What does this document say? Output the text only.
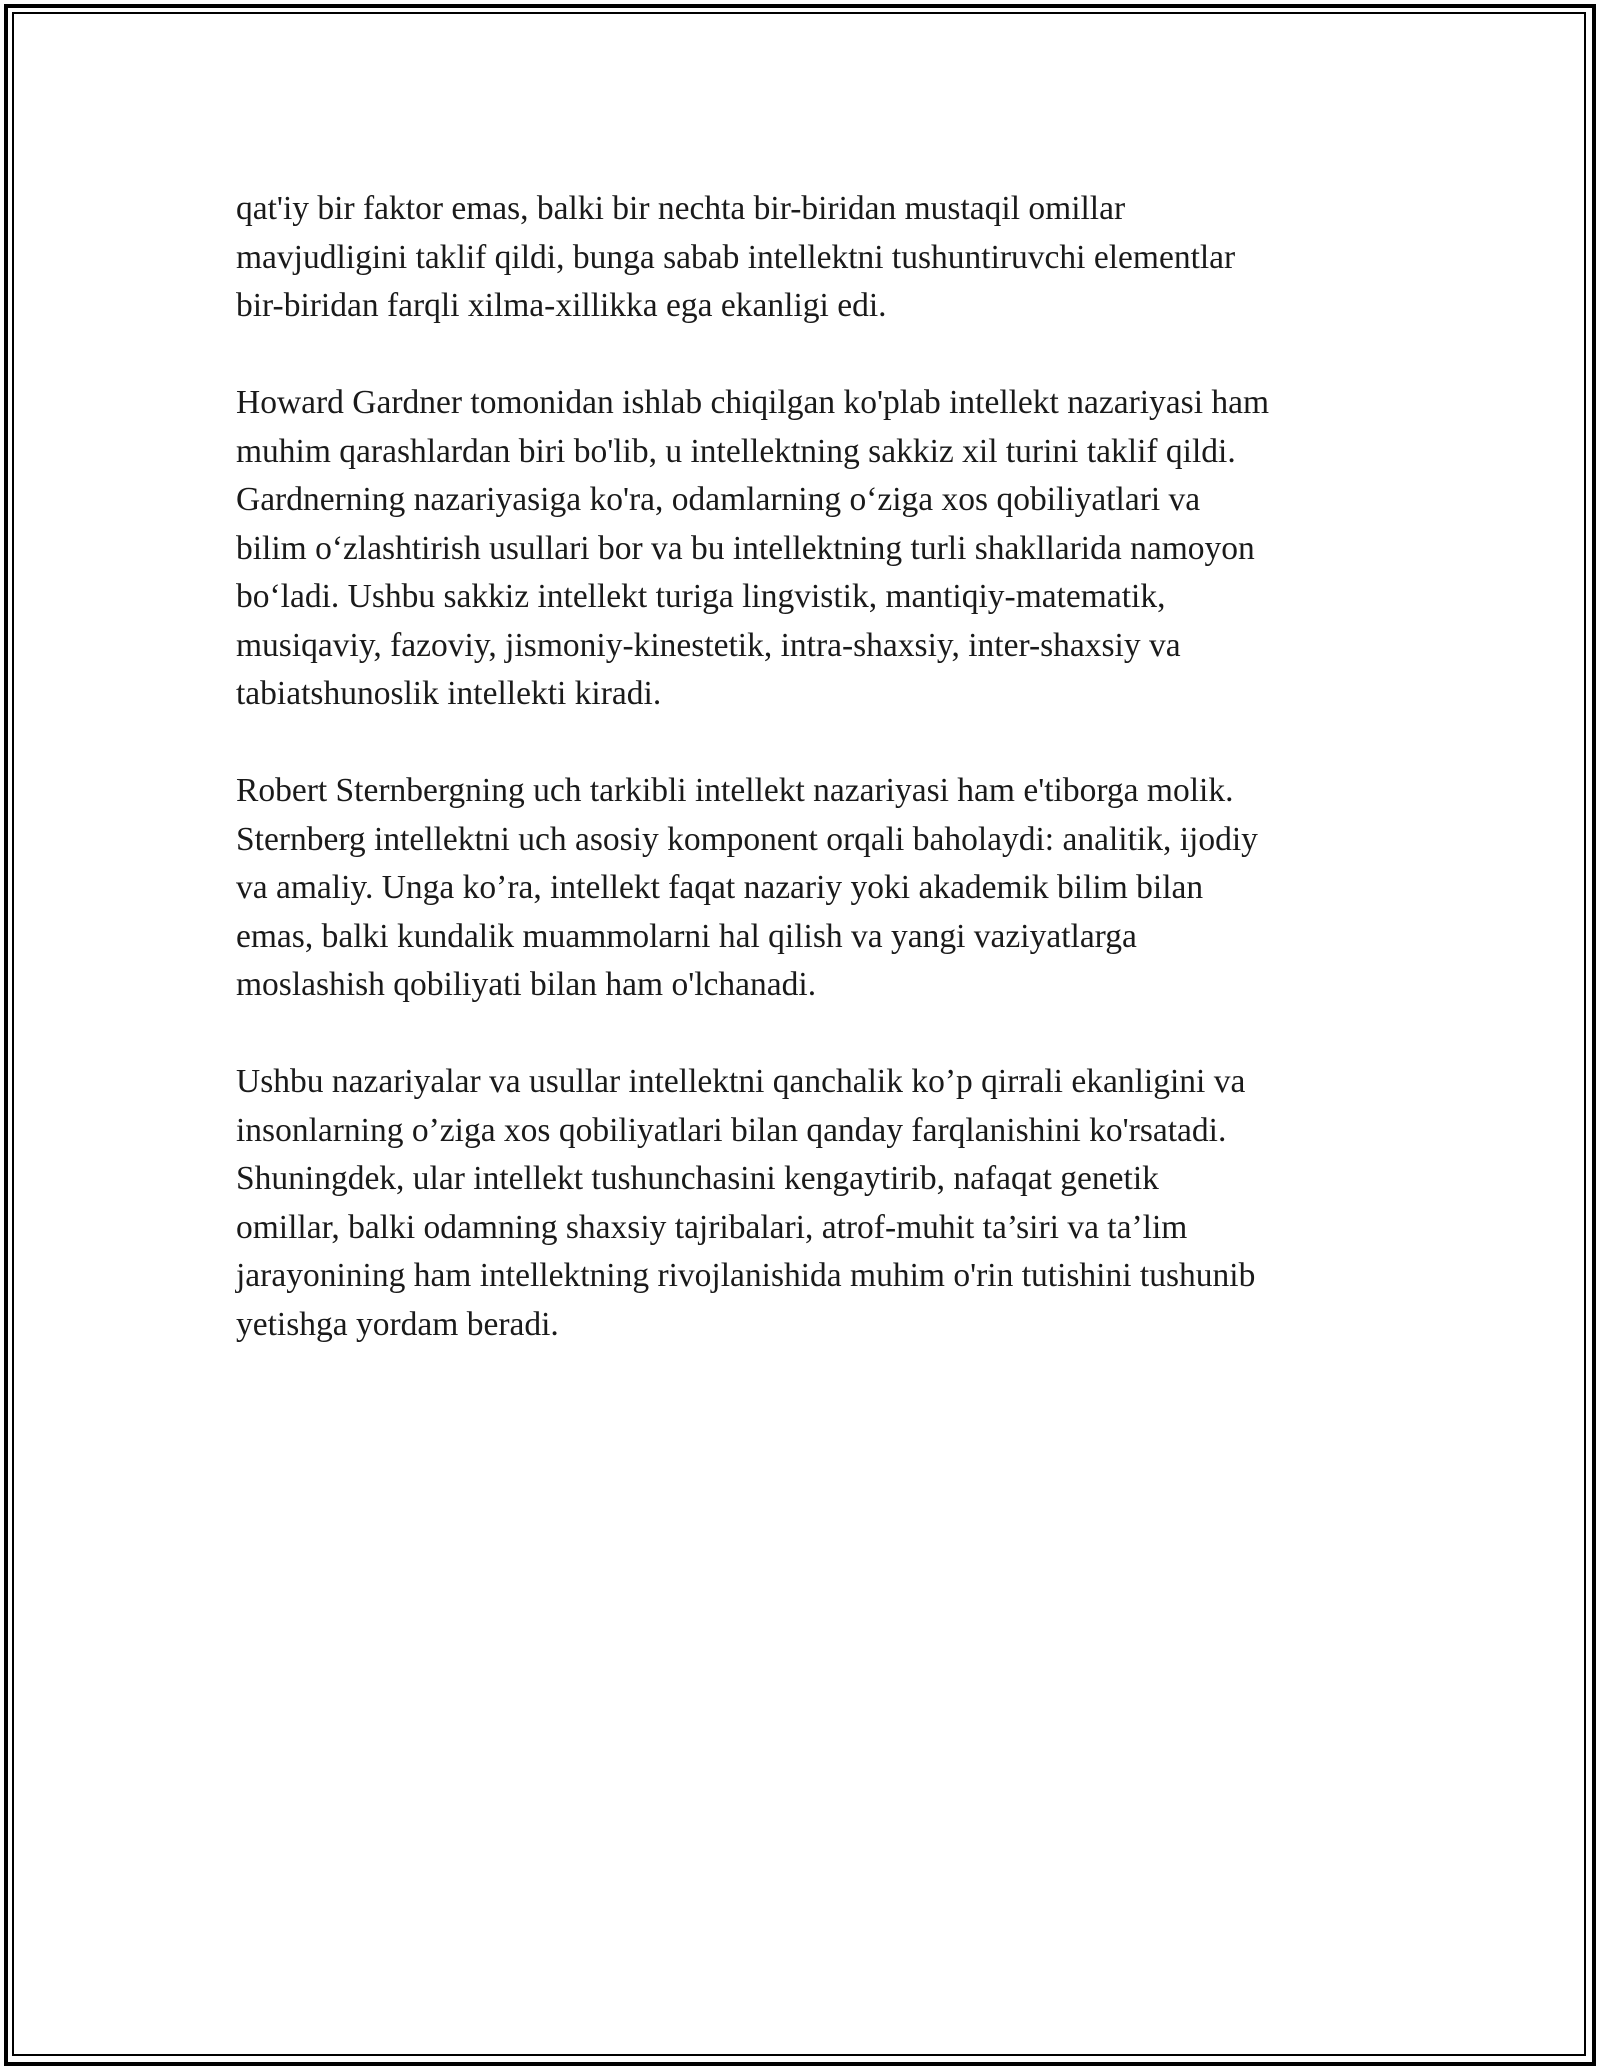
qat'iy bir faktor emas, balki bir nechta bir-biridan mustaqil omillar
mavjudligini taklif qildi, bunga sabab intellektni tushuntiruvchi elementlar
bir-biridan farqli xilma-xillikka ega ekanligi edi.

Howard Gardner tomonidan ishlab chiqilgan ko'plab intellekt nazariyasi ham
muhim qarashlardan biri bo'lib, u intellektning sakkiz xil turini taklif qildi.
Gardnerning nazariyasiga ko'ra, odamlarning o‘ziga xos qobiliyatlari va
bilim o‘zlashtirish usullari bor va bu intellektning turli shakllarida namoyon
bo‘ladi. Ushbu sakkiz intellekt turiga lingvistik, mantiqiy-matematik,
musiqaviy, fazoviy, jismoniy-kinestetik, intra-shaxsiy, inter-shaxsiy va
tabiatshunoslik intellekti kiradi.

Robert Sternbergning uch tarkibli intellekt nazariyasi ham e'tiborga molik.
Sternberg intellektni uch asosiy komponent orqali baholaydi: analitik, ijodiy
va amaliy. Unga ko’ra, intellekt faqat nazariy yoki akademik bilim bilan
emas, balki kundalik muammolarni hal qilish va yangi vaziyatlarga
moslashish qobiliyati bilan ham o'lchanadi.

Ushbu nazariyalar va usullar intellektni qanchalik ko’p qirrali ekanligini va
insonlarning o’ziga xos qobiliyatlari bilan qanday farqlanishini ko'rsatadi.
Shuningdek, ular intellekt tushunchasini kengaytirib, nafaqat genetik
omillar, balki odamning shaxsiy tajribalari, atrof-muhit ta’siri va ta’lim
jarayonining ham intellektning rivojlanishida muhim o'rin tutishini tushunib
yetishga yordam beradi.
